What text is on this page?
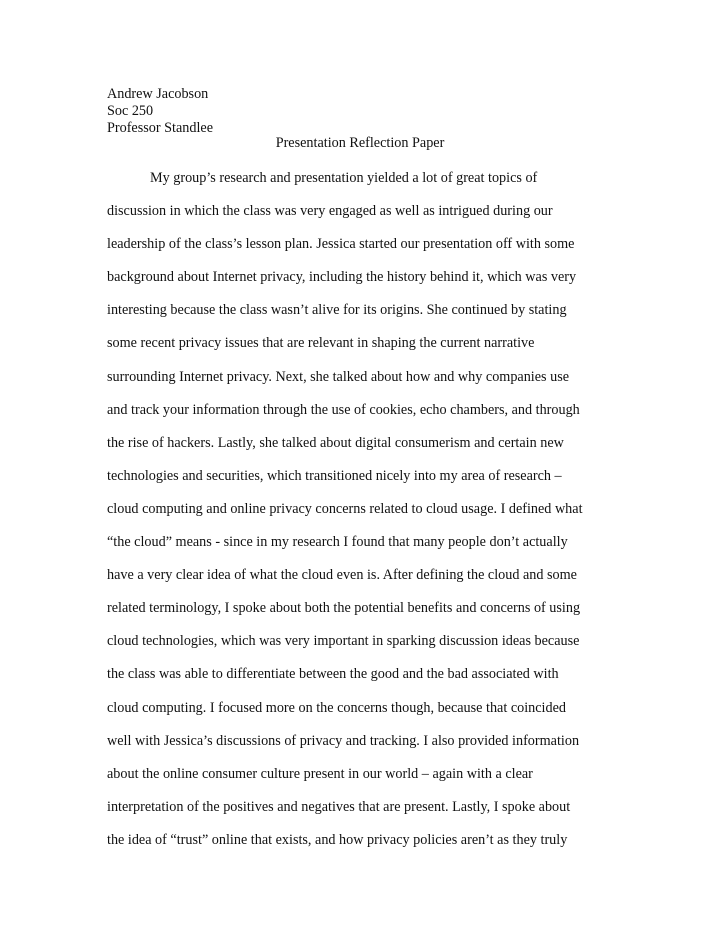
Andrew Jacobson
Soc 250
Professor Standlee
Presentation Reflection Paper
My group’s research and presentation yielded a lot of great topics of
discussion in which the class was very engaged as well as intrigued during our
leadership of the class’s lesson plan. Jessica started our presentation off with some
background about Internet privacy, including the history behind it, which was very
interesting because the class wasn’t alive for its origins. She continued by stating
some recent privacy issues that are relevant in shaping the current narrative
surrounding Internet privacy. Next, she talked about how and why companies use
and track your information through the use of cookies, echo chambers, and through
the rise of hackers. Lastly, she talked about digital consumerism and certain new
technologies and securities, which transitioned nicely into my area of research –
cloud computing and online privacy concerns related to cloud usage. I defined what
“the cloud” means - since in my research I found that many people don’t actually
have a very clear idea of what the cloud even is. After defining the cloud and some
related terminology, I spoke about both the potential benefits and concerns of using
cloud technologies, which was very important in sparking discussion ideas because
the class was able to differentiate between the good and the bad associated with
cloud computing. I focused more on the concerns though, because that coincided
well with Jessica’s discussions of privacy and tracking. I also provided information
about the online consumer culture present in our world – again with a clear
interpretation of the positives and negatives that are present. Lastly, I spoke about
the idea of “trust” online that exists, and how privacy policies aren’t as they truly
